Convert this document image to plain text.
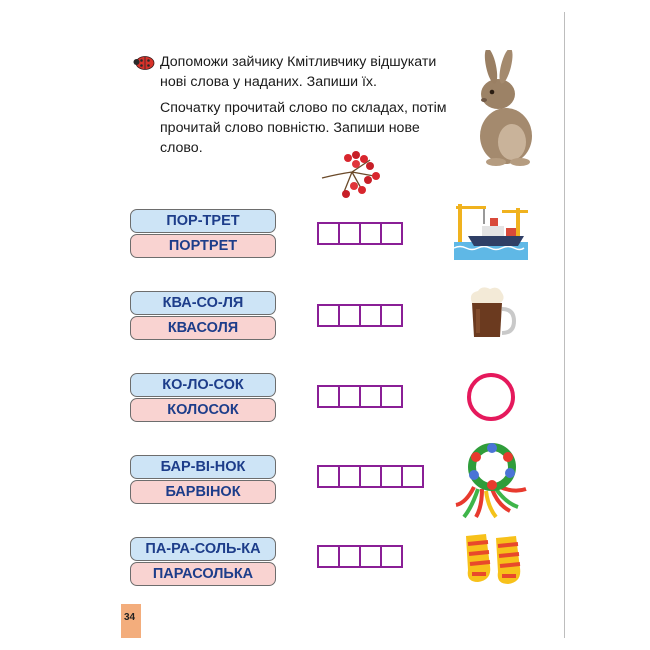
Допоможи зайчику Кмітливчику відшукати нові слова у наданих. Запиши їх.

Спочатку прочитай слово по складах, потім прочитай слово повністю. Запиши нове слово.

ПОР-ТРЕТ
ПОРТРЕТ
КВА-СО-ЛЯ
КВАСОЛЯ
КО-ЛО-СОК
КОЛОСОК
БАР-ВІ-НОК
БАРВІНОК
ПА-РА-СОЛЬ-КА
ПАРАСОЛЬКА
34
